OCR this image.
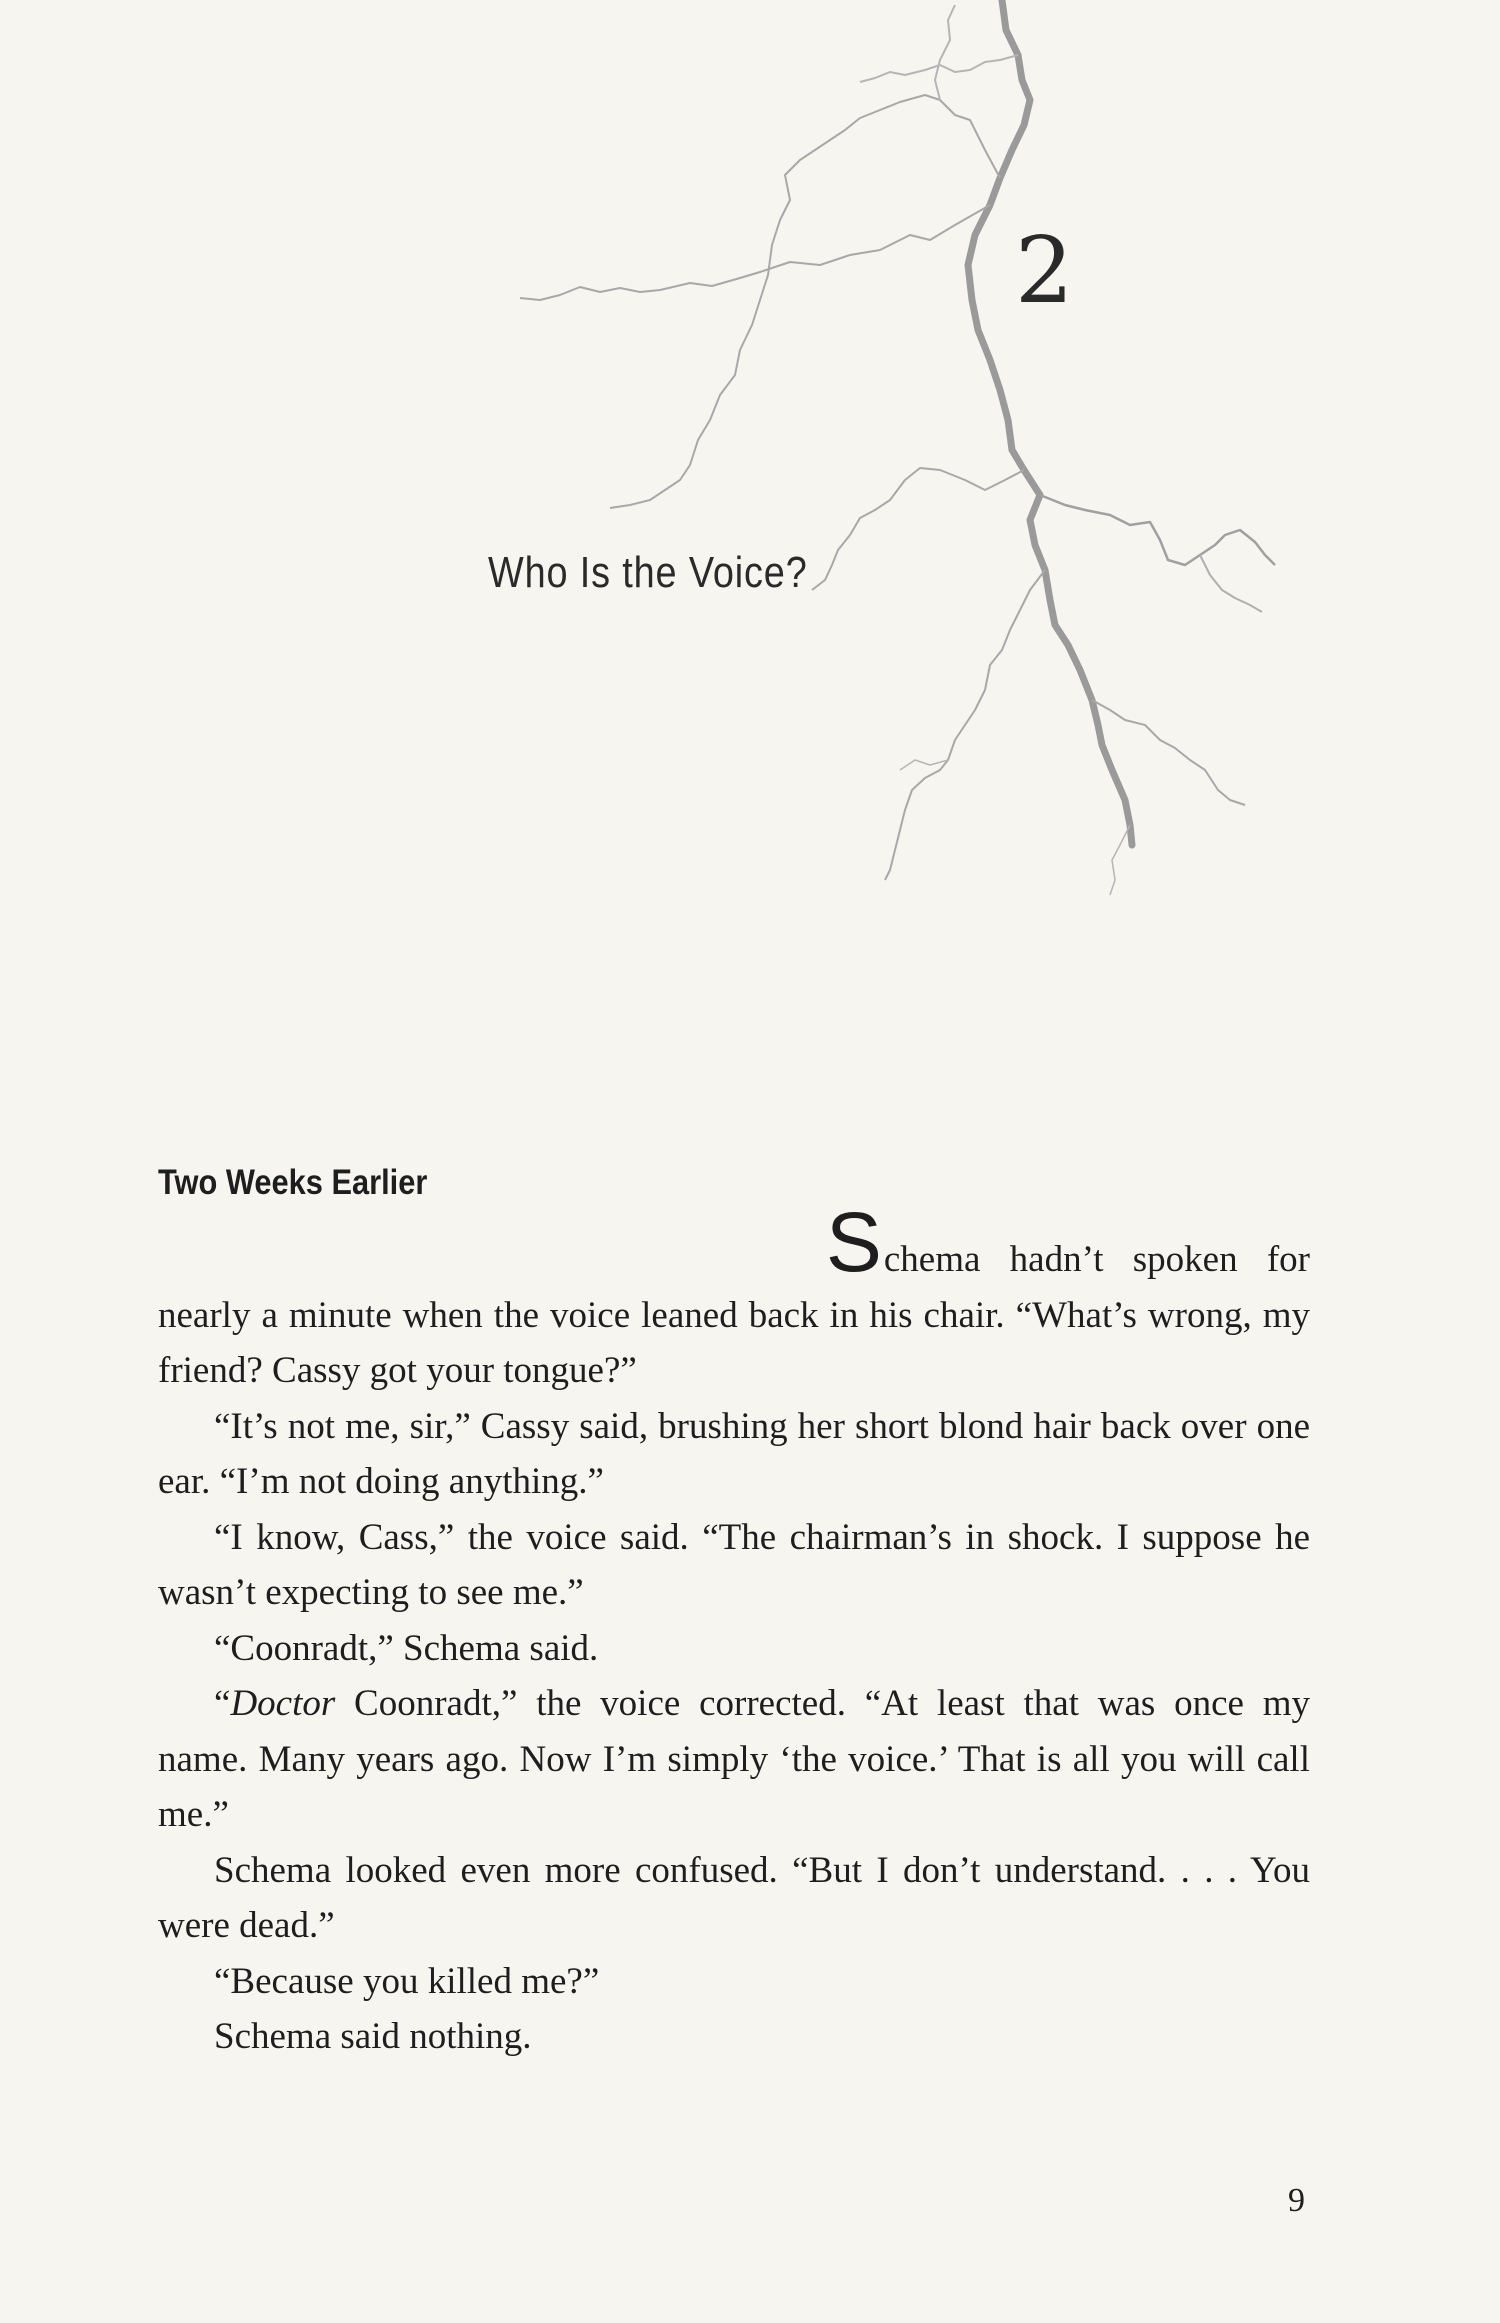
2
Who Is the Voice?
Two Weeks Earlier

Schema hadn’t spoken for
nearly a minute when the voice leaned back in his chair. “What’s wrong, my friend? Cassy got your tongue?”

“It’s not me, sir,” Cassy said, brushing her short blond hair back over one ear. “I’m not doing anything.”

“I know, Cass,” the voice said. “The chairman’s in shock. I suppose he wasn’t expecting to see me.”

“Coonradt,” Schema said.

“Doctor Coonradt,” the voice corrected. “At least that was once my name. Many years ago. Now I’m simply ‘the voice.’ That is all you will call me.”

Schema looked even more confused. “But I don’t understand. . . . You were dead.”

“Because you killed me?”

Schema said nothing.

9
